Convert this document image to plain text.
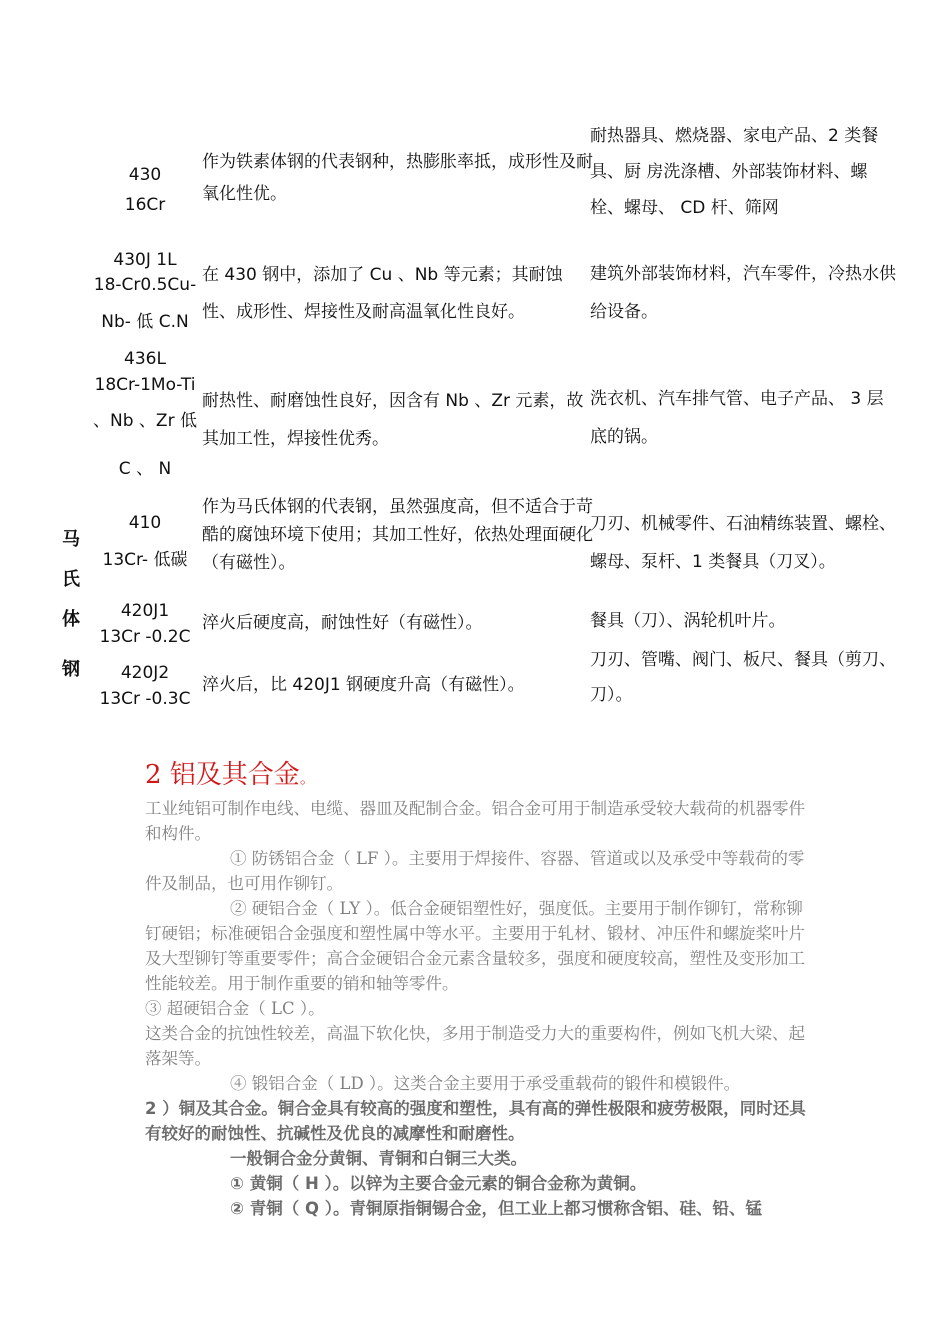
430
16Cr
作为铁素体钢的代表钢种，热膨胀率抵，成形性及耐氧化性优。
耐热器具、燃烧器、家电产品、2 类餐具、厨 房洗涤槽、外部装饰材料、螺栓、螺母、 CD 杆、筛网
430J 1L
18-Cr0.5Cu-
Nb- 低 C.N
在 430 钢中，添加了 Cu 、Nb 等元素；其耐蚀性、成形性、焊接性及耐高温氧化性良好。
建筑外部装饰材料，汽车零件，冷热水供给设备。
436L
18Cr-1Mo-Ti
、Nb 、Zr 低
C 、 N
耐热性、耐磨蚀性良好，因含有 Nb 、Zr 元素，故其加工性，焊接性优秀。
洗衣机、汽车排气管、电子产品、 3 层底的锅。
马
氏
体
钢
410
13Cr- 低碳
作为马氏体钢的代表钢，虽然强度高，但不适合于苛酷的腐蚀环境下使用；其加工性好，依热处理面硬化（有磁性）。
刀刃、机械零件、石油精练装置、螺栓、螺母、泵杆、1 类餐具（刀叉）。
420J1
13Cr -0.2C
淬火后硬度高，耐蚀性好（有磁性）。	餐具（刀）、涡轮机叶片。
420J2
13Cr -0.3C
淬火后，比 420J1 钢硬度升高（有磁性）。
刀刃、管嘴、阀门、板尺、餐具（剪刀、刀）。
2 铝及其合金。
工业纯铝可制作电线、电缆、器皿及配制合金。铝合金可用于制造承受较大载荷的机器零件和构件。
① 防锈铝合金（ LF ）。主要用于焊接件、容器、管道或以及承受中等载荷的零件及制品，也可用作铆钉。
② 硬铝合金（ LY ）。低合金硬铝塑性好，强度低。主要用于制作铆钉，常称铆钉硬铝；标准硬铝合金强度和塑性属中等水平。主要用于轧材、锻材、冲压件和螺旋桨叶片及大型铆钉等重要零件；高合金硬铝合金元素含量较多，强度和硬度较高，塑性及变形加工性能较差。用于制作重要的销和轴等零件。
③ 超硬铝合金（ LC ）。
这类合金的抗蚀性较差，高温下软化快，多用于制造受力大的重要构件，例如飞机大梁、起落架等。
④ 锻铝合金（ LD ）。这类合金主要用于承受重载荷的锻件和模锻件。
2 ）铜及其合金。铜合金具有较高的强度和塑性，具有高的弹性极限和疲劳极限，同时还具有较好的耐蚀性、抗碱性及优良的减摩性和耐磨性。
一般铜合金分黄铜、青铜和白铜三大类。
① 黄铜（ H ）。以锌为主要合金元素的铜合金称为黄铜。
② 青铜（ Q ）。青铜原指铜锡合金，但工业上都习惯称含铝、硅、铅、锰
